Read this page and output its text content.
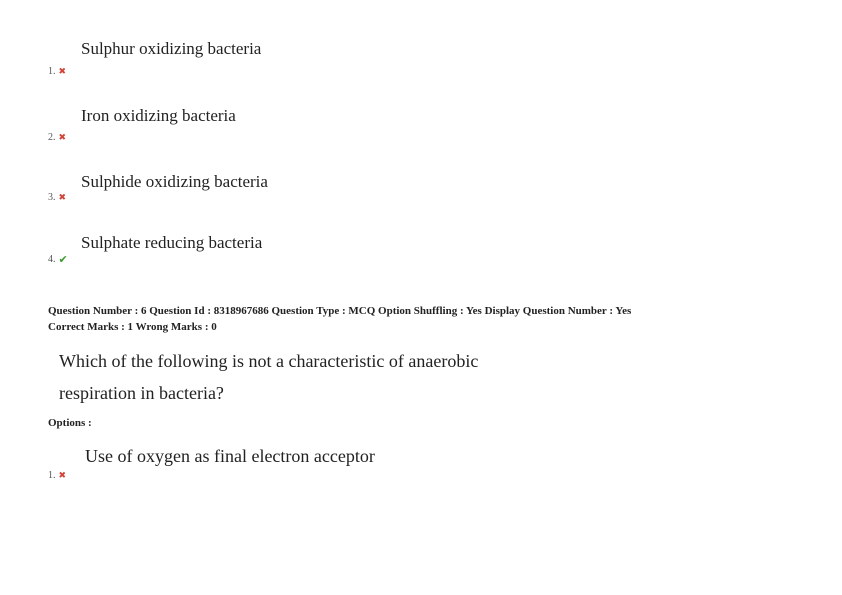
Sulphur oxidizing bacteria
1. ✖
Iron oxidizing bacteria
2. ✖
Sulphide oxidizing bacteria
3. ✖
Sulphate reducing bacteria
4. ✔
Question Number : 6 Question Id : 8318967686 Question Type : MCQ Option Shuffling : Yes Display Question Number : Yes
Correct Marks : 1 Wrong Marks : 0
Which of the following is not a characteristic of anaerobic
respiration in bacteria?
Options :
Use of oxygen as final electron acceptor
1. ✖
